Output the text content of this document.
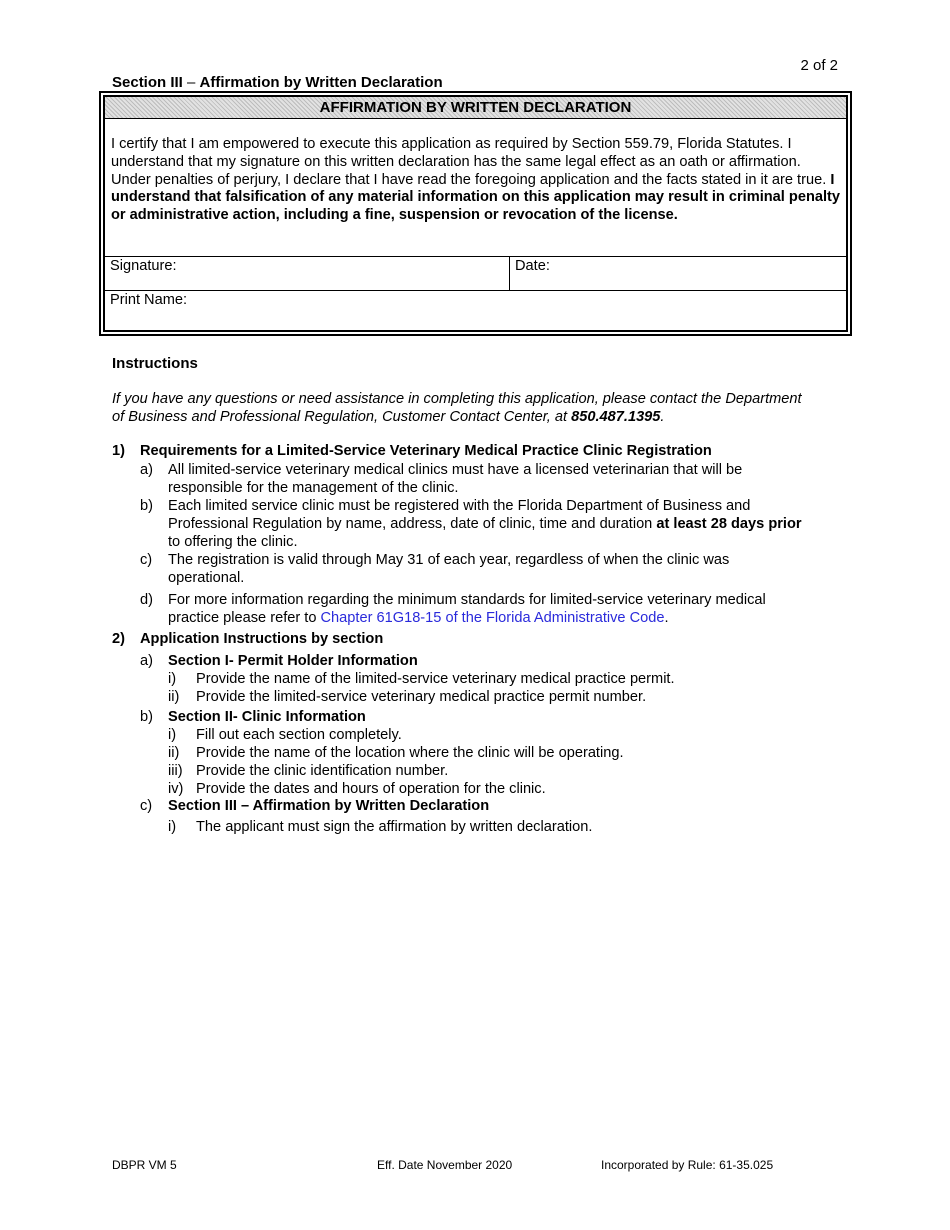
2 of 2
Section III – Affirmation by Written Declaration
AFFIRMATION BY WRITTEN DECLARATION
I certify that I am empowered to execute this application as required by Section 559.79, Florida Statutes. I understand that my signature on this written declaration has the same legal effect as an oath or affirmation. Under penalties of perjury, I declare that I have read the foregoing application and the facts stated in it are true. I understand that falsification of any material information on this application may result in criminal penalty or administrative action, including a fine, suspension or revocation of the license.
Signature:	Date:
Print Name:
Instructions
If you have any questions or need assistance in completing this application, please contact the Department of Business and Professional Regulation, Customer Contact Center, at 850.487.1395.
1) Requirements for a Limited-Service Veterinary Medical Practice Clinic Registration
a) All limited-service veterinary medical clinics must have a licensed veterinarian that will be responsible for the management of the clinic.
b) Each limited service clinic must be registered with the Florida Department of Business and Professional Regulation by name, address, date of clinic, time and duration at least 28 days prior to offering the clinic.
c) The registration is valid through May 31 of each year, regardless of when the clinic was operational.
d) For more information regarding the minimum standards for limited-service veterinary medical practice please refer to Chapter 61G18-15 of the Florida Administrative Code.
2) Application Instructions by section
a) Section I- Permit Holder Information
i) Provide the name of the limited-service veterinary medical practice permit.
ii) Provide the limited-service veterinary medical practice permit number.
b) Section II- Clinic Information
i) Fill out each section completely.
ii) Provide the name of the location where the clinic will be operating.
iii) Provide the clinic identification number.
iv) Provide the dates and hours of operation for the clinic.
c) Section III – Affirmation by Written Declaration
i) The applicant must sign the affirmation by written declaration.
DBPR VM 5	Eff. Date November 2020	Incorporated by Rule: 61-35.025
